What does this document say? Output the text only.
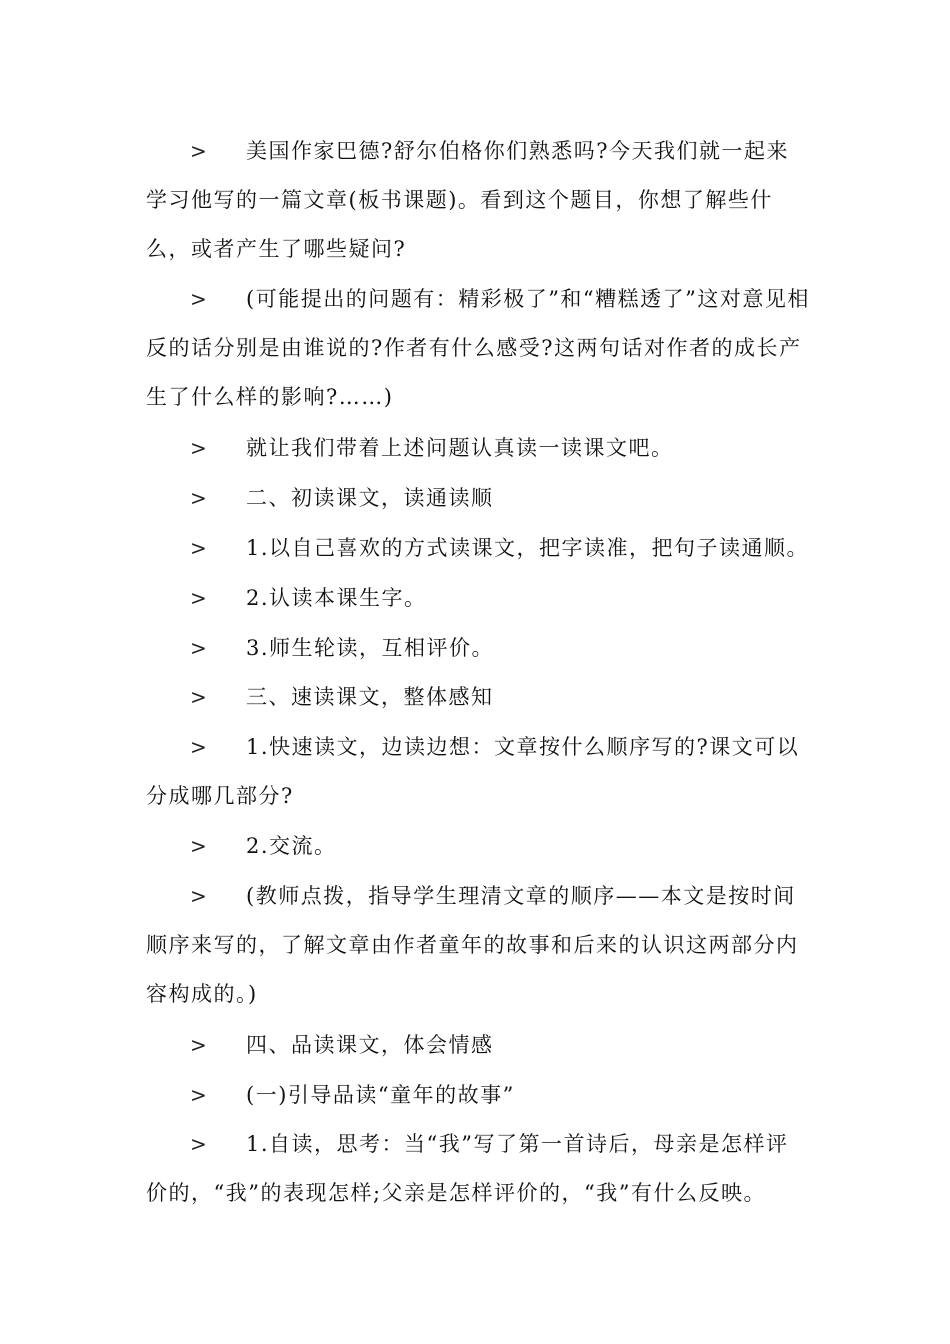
> 美国作家巴德?舒尔伯格你们熟悉吗?今天我们就一起来学习他写的一篇文章(板书课题)。看到这个题目，你想了解些什么，或者产生了哪些疑问?
> (可能提出的问题有：精彩极了”和“糟糕透了”这对意见相反的话分别是由谁说的?作者有什么感受?这两句话对作者的成长产生了什么样的影响?……)
> 就让我们带着上述问题认真读一读课文吧。
> 二、初读课文，读通读顺
> 1.以自己喜欢的方式读课文，把字读准，把句子读通顺。
> 2.认读本课生字。
> 3.师生轮读，互相评价。
> 三、速读课文，整体感知
> 1.快速读文，边读边想：文章按什么顺序写的?课文可以分成哪几部分?
> 2.交流。
> (教师点拨，指导学生理清文章的顺序——本文是按时间顺序来写的，了解文章由作者童年的故事和后来的认识这两部分内容构成的。)
> 四、品读课文，体会情感
> (一)引导品读“童年的故事”
> 1.自读，思考：当“我”写了第一首诗后，母亲是怎样评价的，“我”的表现怎样;父亲是怎样评价的，“我”有什么反映。
